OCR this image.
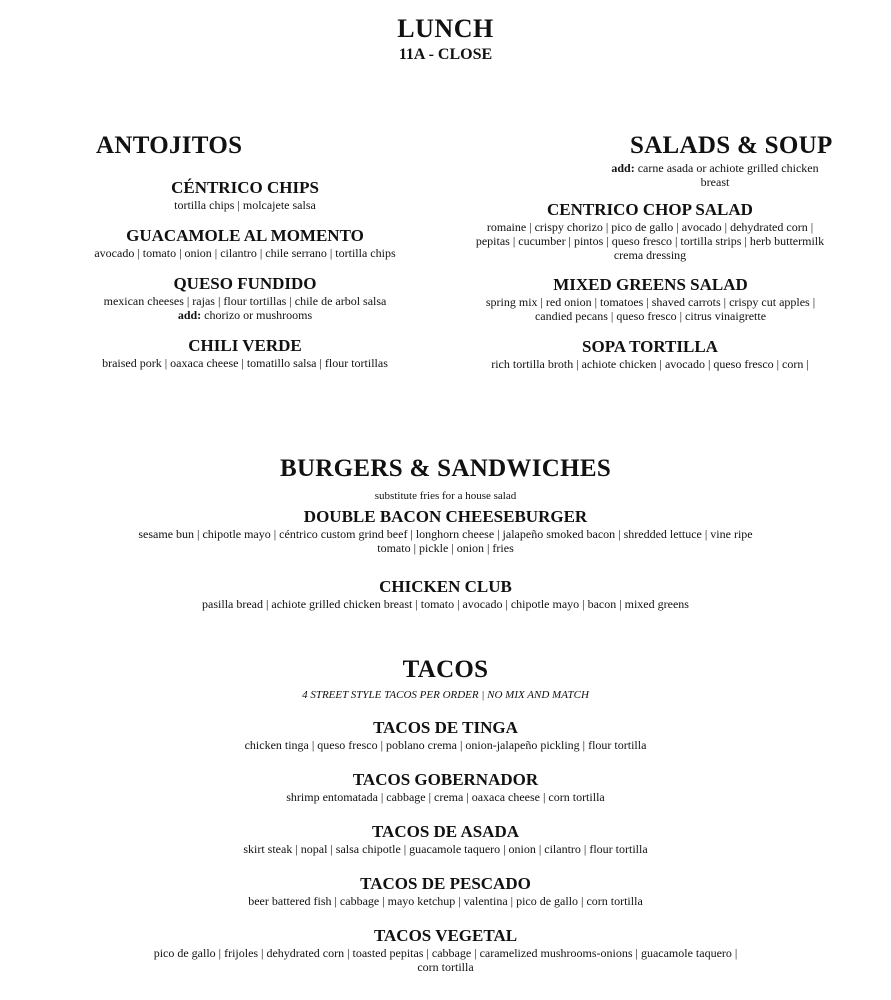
LUNCH
11A - CLOSE
ANTOJITOS
CÉNTRICO CHIPS
tortilla chips | molcajete salsa
GUACAMOLE AL MOMENTO
avocado | tomato | onion | cilantro | chile serrano | tortilla chips
QUESO FUNDIDO
mexican cheeses | rajas | flour tortillas | chile de arbol salsa
add: chorizo or mushrooms
CHILI VERDE
braised pork | oaxaca cheese | tomatillo salsa | flour tortillas
SALADS & SOUP
add: carne asada or achiote grilled chicken breast
CENTRICO CHOP SALAD
romaine | crispy chorizo | pico de gallo | avocado | dehydrated corn | pepitas | cucumber | pintos | queso fresco | tortilla strips | herb buttermilk crema dressing
MIXED GREENS SALAD
spring mix | red onion | tomatoes | shaved carrots | crispy cut apples | candied pecans | queso fresco | citrus vinaigrette
SOPA TORTILLA
rich tortilla broth | achiote chicken | avocado | queso fresco | corn |
BURGERS & SANDWICHES
substitute fries for a house salad
DOUBLE BACON CHEESEBURGER
sesame bun | chipotle mayo | céntrico custom grind beef | longhorn cheese | jalapeño smoked bacon | shredded lettuce | vine ripe tomato | pickle | onion | fries
CHICKEN CLUB
pasilla bread | achiote grilled chicken breast | tomato | avocado | chipotle mayo | bacon | mixed greens
TACOS
4 STREET STYLE TACOS PER ORDER | NO MIX AND MATCH
TACOS DE TINGA
chicken tinga | queso fresco | poblano crema | onion-jalapeño pickling | flour tortilla
TACOS GOBERNADOR
shrimp entomatada | cabbage | crema | oaxaca cheese | corn tortilla
TACOS DE ASADA
skirt steak | nopal | salsa chipotle | guacamole taquero | onion | cilantro | flour tortilla
TACOS DE PESCADO
beer battered fish | cabbage | mayo ketchup | valentina | pico de gallo | corn tortilla
TACOS VEGETAL
pico de gallo | frijoles | dehydrated corn | toasted pepitas | cabbage | caramelized mushrooms-onions | guacamole taquero | corn tortilla
